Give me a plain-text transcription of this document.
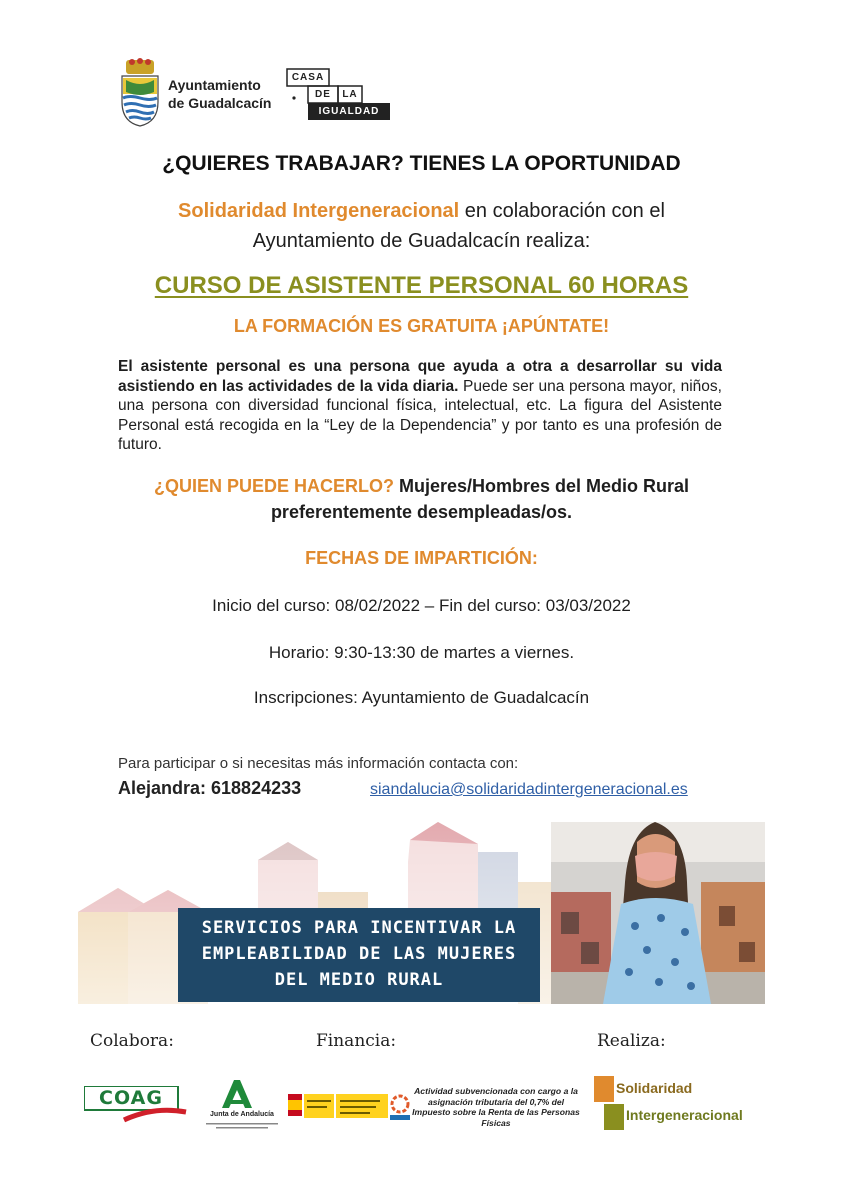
Ayuntamiento
de Guadalcacín
CASA
DE	LA
IGUALDAD
¿QUIERES TRABAJAR? TIENES LA OPORTUNIDAD
Solidaridad Intergeneracional en colaboración con el
Ayuntamiento de Guadalcacín realiza:
CURSO DE ASISTENTE PERSONAL 60 HORAS
LA FORMACIÓN ES GRATUITA ¡APÚNTATE!
El asistente personal es una persona que ayuda a otra a desarrollar su vida asistiendo en las actividades de la vida diaria. Puede ser una persona mayor, niños, una persona con diversidad funcional física, intelectual, etc. La figura del Asistente Personal está recogida en la “Ley de la Dependencia” y por tanto es una profesión de futuro.
¿QUIEN PUEDE HACERLO? Mujeres/Hombres del Medio Rural
preferentemente desempleadas/os.
FECHAS DE IMPARTICIÓN:
Inicio del curso: 08/02/2022 – Fin del curso: 03/03/2022
Horario: 9:30-13:30 de martes a viernes.
Inscripciones: Ayuntamiento de Guadalcacín
Para participar o si necesitas más información contacta con:
Alejandra: 618824233	siandalucia@solidaridadintergeneracional.es
SERVICIOS PARA INCENTIVAR LA
EMPLEABILIDAD DE LAS MUJERES
DEL MEDIO RURAL
Colabora:	Financia:	Realiza:
COAG
Junta de Andalucía
Actividad subvencionada con cargo a la asignación tributaria del 0,7% del Impuesto sobre la Renta de las Personas Físicas
Solidaridad
Intergeneracional
